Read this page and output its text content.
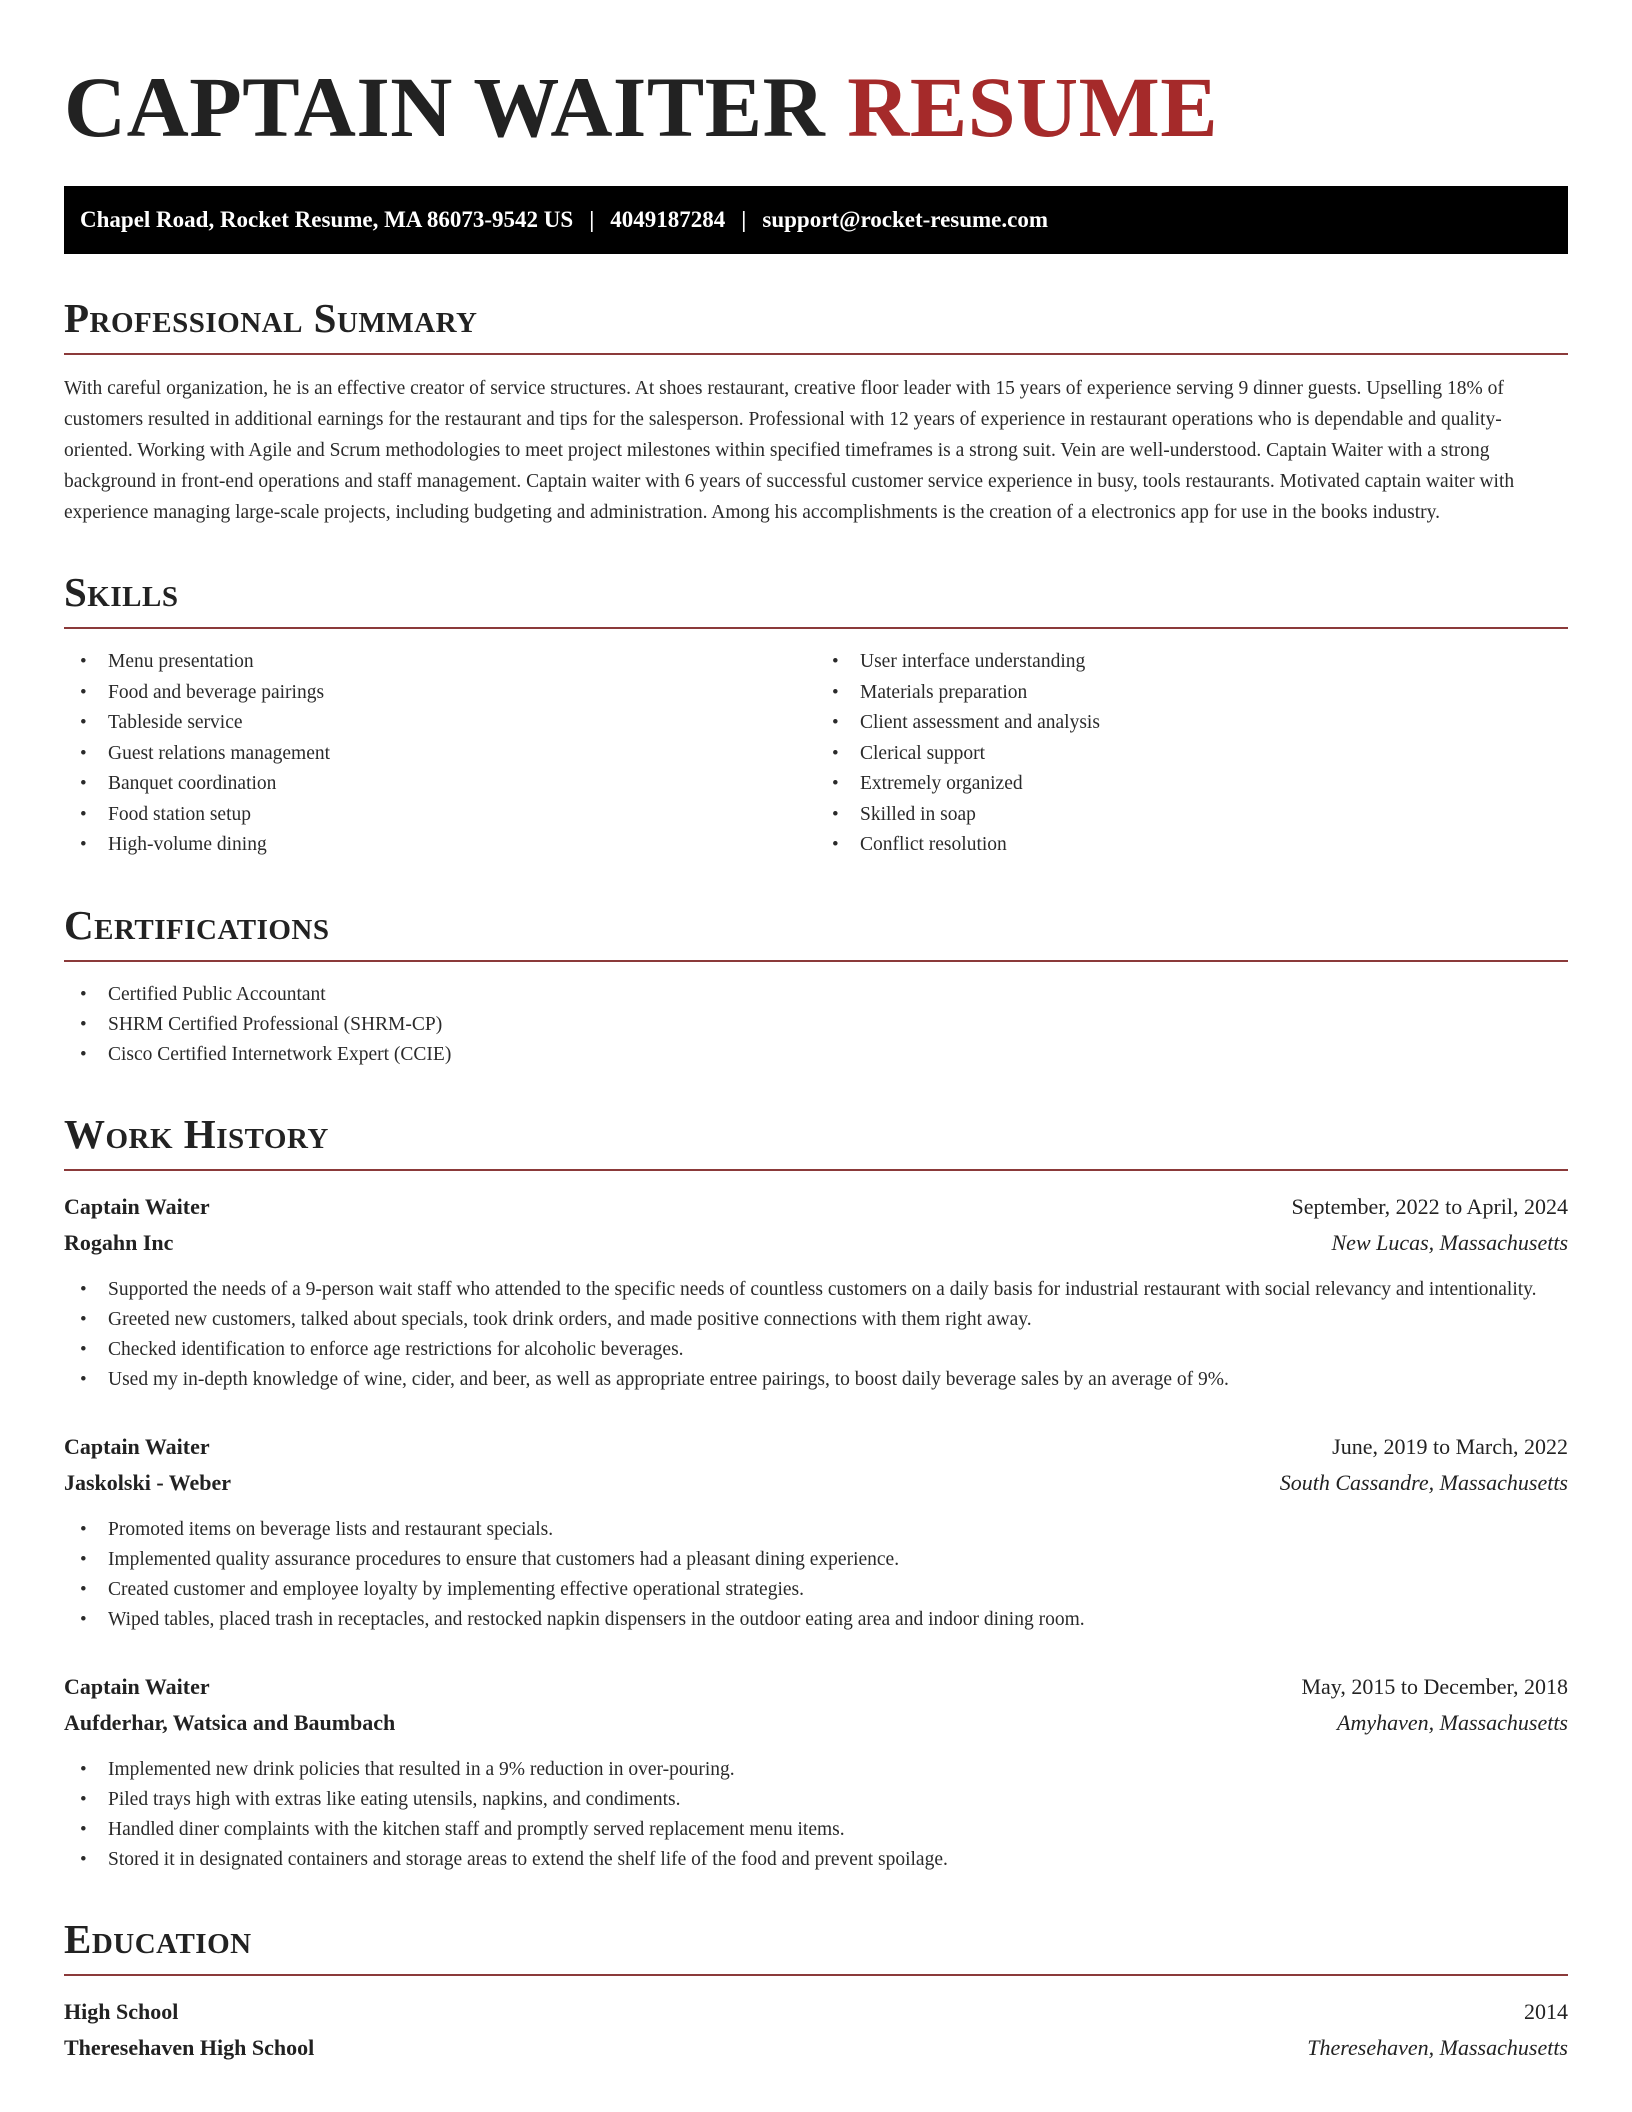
CAPTAIN WAITER RESUME
Chapel Road, Rocket Resume, MA 86073-9542 US | 4049187284 | support@rocket-resume.com
Professional Summary

With careful organization, he is an effective creator of service structures. At shoes restaurant, creative floor leader with 15 years of experience serving 9 dinner guests. Upselling 18% of customers resulted in additional earnings for the restaurant and tips for the salesperson. Professional with 12 years of experience in restaurant operations who is dependable and quality-oriented. Working with Agile and Scrum methodologies to meet project milestones within specified timeframes is a strong suit. Vein are well-understood. Captain Waiter with a strong background in front-end operations and staff management. Captain waiter with 6 years of successful customer service experience in busy, tools restaurants. Motivated captain waiter with experience managing large-scale projects, including budgeting and administration. Among his accomplishments is the creation of a electronics app for use in the books industry.

Skills
• Menu presentation
• Food and beverage pairings
• Tableside service
• Guest relations management
• Banquet coordination
• Food station setup
• High-volume dining
• User interface understanding
• Materials preparation
• Client assessment and analysis
• Clerical support
• Extremely organized
• Skilled in soap
• Conflict resolution
Certifications
• Certified Public Accountant
• SHRM Certified Professional (SHRM-CP)
• Cisco Certified Internetwork Expert (CCIE)
Work History
Captain Waiter	September, 2022 to April, 2024
Rogahn Inc	New Lucas, Massachusetts
• Supported the needs of a 9-person wait staff who attended to the specific needs of countless customers on a daily basis for industrial restaurant with social relevancy and intentionality.
• Greeted new customers, talked about specials, took drink orders, and made positive connections with them right away.
• Checked identification to enforce age restrictions for alcoholic beverages.
• Used my in-depth knowledge of wine, cider, and beer, as well as appropriate entree pairings, to boost daily beverage sales by an average of 9%.
Captain Waiter	June, 2019 to March, 2022
Jaskolski - Weber	South Cassandre, Massachusetts
• Promoted items on beverage lists and restaurant specials.
• Implemented quality assurance procedures to ensure that customers had a pleasant dining experience.
• Created customer and employee loyalty by implementing effective operational strategies.
• Wiped tables, placed trash in receptacles, and restocked napkin dispensers in the outdoor eating area and indoor dining room.
Captain Waiter	May, 2015 to December, 2018
Aufderhar, Watsica and Baumbach	Amyhaven, Massachusetts
• Implemented new drink policies that resulted in a 9% reduction in over-pouring.
• Piled trays high with extras like eating utensils, napkins, and condiments.
• Handled diner complaints with the kitchen staff and promptly served replacement menu items.
• Stored it in designated containers and storage areas to extend the shelf life of the food and prevent spoilage.
Education
High School	2014
Theresehaven High School	Theresehaven, Massachusetts
